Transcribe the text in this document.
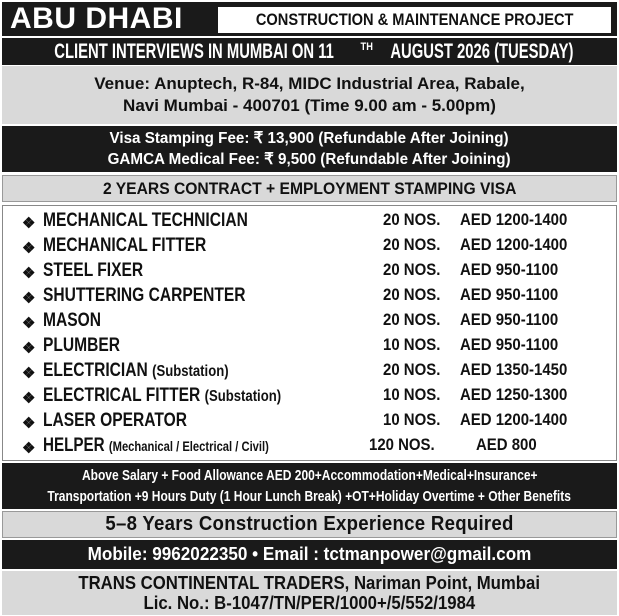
ABU DHABI	CONSTRUCTION & MAINTENANCE PROJECT
CLIENT INTERVIEWS IN MUMBAI ON 11 $^{TH}$AUGUST 2026 (TUESDAY)
Venue: Anuptech, R-84, MIDC Industrial Area, Rabale,
Navi Mumbai - 400701 (Time 9.00 am - 5.00pm)
Visa Stamping Fee: ₹ 13,900 (Refundable After Joining)
GAMCA Medical Fee: ₹ 9,500 (Refundable After Joining)
2 YEARS CONTRACT + EMPLOYMENT STAMPING VISA
❖ MECHANICAL TECHNICIAN	20 NOS. AED 1200-1400
❖ MECHANICAL FITTER	20 NOS. AED 1200-1400
❖ STEEL FIXER	20 NOS. AED 950-1100
❖ SHUTTERING CARPENTER	20 NOS. AED 950-1100
❖ MASON	20 NOS. AED 950-1100
❖ PLUMBER	10 NOS. AED 950-1100
❖ ELECTRICIAN (Substation)	20 NOS. AED 1350-1450
❖ ELECTRICAL FITTER (Substation)	10 NOS. AED 1250-1300
❖ LASER OPERATOR	10 NOS. AED 1200-1400
❖ HELPER (Mechanical / Electrical / Civil)	120 NOS. AED 800
Above Salary + Food Allowance AED 200+Accommodation+Medical+Insurance+
Transportation +9 Hours Duty (1 Hour Lunch Break) +OT+Holiday Overtime + Other Benefits
5–8 Years Construction Experience Required
Mobile: 9962022350 • Email : tctmanpower@gmail.com
TRANS CONTINENTAL TRADERS, Nariman Point, Mumbai
Lic. No.: B-1047/TN/PER/1000+/5/552/1984
